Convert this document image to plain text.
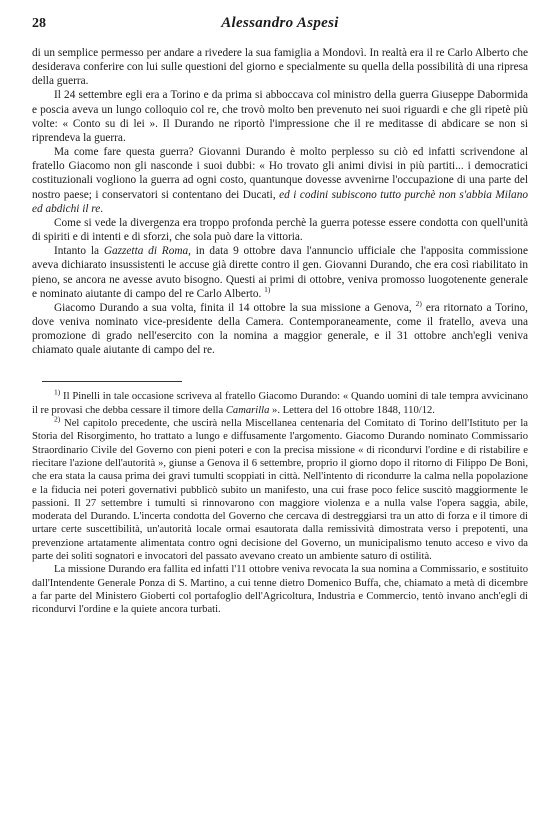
28	Alessandro Aspesi

di un semplice permesso per andare a rivedere la sua famiglia a Mondovì. In realtà era il re Carlo Alberto che desiderava conferire con lui sulle questioni del giorno e specialmente su quella della possibilità di una ripresa della guerra.

Il 24 settembre egli era a Torino e da prima si abboccava col ministro della guerra Giuseppe Dabormida e poscia aveva un lungo colloquio col re, che trovò molto ben prevenuto nei suoi riguardi e che gli ripetè più volte: « Conto su di lei ». Il Durando ne riportò l'impressione che il re meditasse di abdicare se non si riprendeva la guerra.

Ma come fare questa guerra? Giovanni Durando è molto perplesso su ciò ed infatti scrivendone al fratello Giacomo non gli nasconde i suoi dubbi: « Ho trovato gli animi divisi in più partiti... i democratici costituzionali vogliono la guerra ad ogni costo, quantunque dovesse avvenirne l'occupazione di una parte del nostro paese; i conservatori si contentano dei Ducati, ed i codini subiscono tutto purchè non s'abbia Milano ed abdichi il re.

Come si vede la divergenza era troppo profonda perchè la guerra potesse essere condotta con quell'unità di spiriti e di intenti e di sforzi, che sola può dare la vittoria.

Intanto la Gazzetta di Roma, in data 9 ottobre dava l'annuncio ufficiale che l'apposita commissione aveva dichiarato insussistenti le accuse già dirette contro il gen. Giovanni Durando, che era così riabilitato in pieno, se ancora ne avesse avuto bisogno. Questi ai primi di ottobre, veniva promosso luogotenente generale e nominato aiutante di campo del re Carlo Alberto. $^{1)}$

Giacomo Durando a sua volta, finita il 14 ottobre la sua missione a Genova, $^{2)}$ era ritornato a Torino, dove veniva nominato vice-presidente della Camera. Contemporaneamente, come il fratello, aveva una promozione di grado nell'esercito con la nomina a maggior generale, e il 31 ottobre anch'egli veniva chiamato quale aiutante di campo del re.

$^{1)}$ Il Pinelli in tale occasione scriveva al fratello Giacomo Durando: « Quando uomini di tale tempra avvicinano il re provasi che debba cessare il timore della Camarilla ». Lettera del 16 ottobre 1848, 110/12.

$^{2)}$ Nel capitolo precedente, che uscirà nella Miscellanea centenaria del Comitato di Torino dell'Istituto per la Storia del Risorgimento, ho trattato a lungo e diffusamente l'argomento. Giacomo Durando nominato Commissario Straordinario Civile del Governo con pieni poteri e con la precisa missione « di ricondurvi l'ordine e di ristabilire e riecitare l'azione dell'autorità », giunse a Genova il 6 settembre, proprio il giorno dopo il ritorno di Filippo De Boni, che era stata la causa prima dei gravi tumulti scoppiati in città. Nell'intento di ricondurre la calma nella popolazione e la fiducia nei poteri governativi pubblicò subito un manifesto, una cui frase poco felice suscitò maggiormente le passioni. Il 27 settembre i tumulti si rinnovarono con maggiore violenza e a nulla valse l'opera saggia, abile, moderata del Durando. L'incerta condotta del Governo che cercava di destreggiarsi tra un atto di forza e il timore di urtare certe suscettibilità, un'autorità locale ormai esautorata dalla remissività dimostrata verso i prepotenti, una prevenzione artatamente alimentata contro ogni decisione del Governo, un municipalismo tenuto acceso e vivo da parte dei soliti sognatori e invocatori del passato avevano creato un ambiente saturo di ostilità.

La missione Durando era fallita ed infatti l'11 ottobre veniva revocata la sua nomina a Commissario, e sostituito dall'Intendente Generale Ponza di S. Martino, a cui tenne dietro Domenico Buffa, che, chiamato a metà di dicembre a far parte del Ministero Gioberti col portafoglio dell'Agricoltura, Industria e Commercio, tentò invano anch'egli di ricondurvi l'ordine e la quiete ancora turbati.
